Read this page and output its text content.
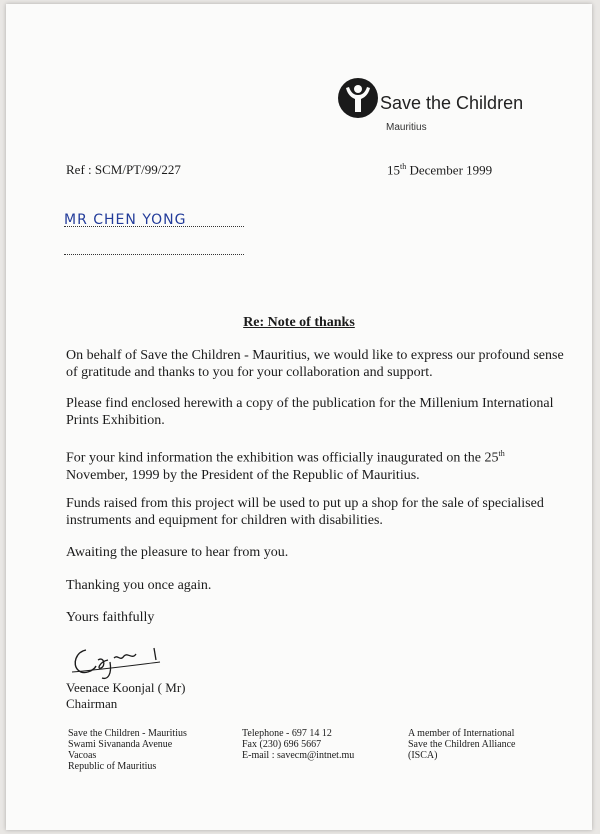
Save the Children
Mauritius
Ref : SCM/PT/99/227	15th December 1999
MR CHEN YONG
Re: Note of thanks
On behalf of Save the Children - Mauritius, we would like to express our profound sense of gratitude and thanks to you for your collaboration and support.
Please find enclosed herewith a copy of the publication for the Millenium International Prints Exhibition.
For your kind information the exhibition was officially inaugurated on the 25th November, 1999 by the President of the Republic of Mauritius.
Funds raised from this project will be used to put up a shop for the sale of specialised instruments and equipment for children with disabilities.
Awaiting the pleasure to hear from you.
Thanking you once again.
Yours faithfully
Veenace Koonjal ( Mr)
Chairman
Save the Children - Mauritius
Swami Sivananda Avenue
Vacoas
Republic of Mauritius
Telephone - 697 14 12
Fax (230) 696 5667
E-mail : savecm@intnet.mu
A member of International
Save the Children Alliance
(ISCA)
